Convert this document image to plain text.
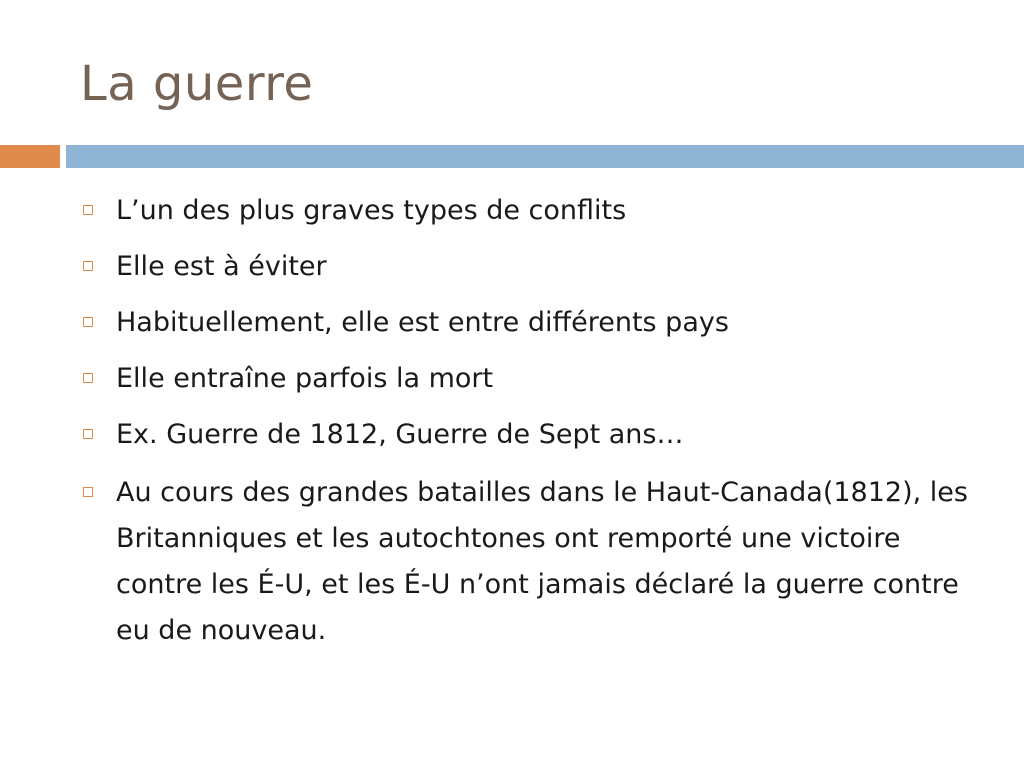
La guerre
L’un des plus graves types de conflits
Elle est à éviter
Habituellement, elle est entre différents pays
Elle entraîne parfois la mort
Ex. Guerre de 1812, Guerre de Sept ans…
Au cours des grandes batailles dans le Haut-Canada(1812), les Britanniques et les autochtones ont remporté une victoire contre les É-U, et les É-U n’ont jamais déclaré la guerre contre eu de nouveau.
